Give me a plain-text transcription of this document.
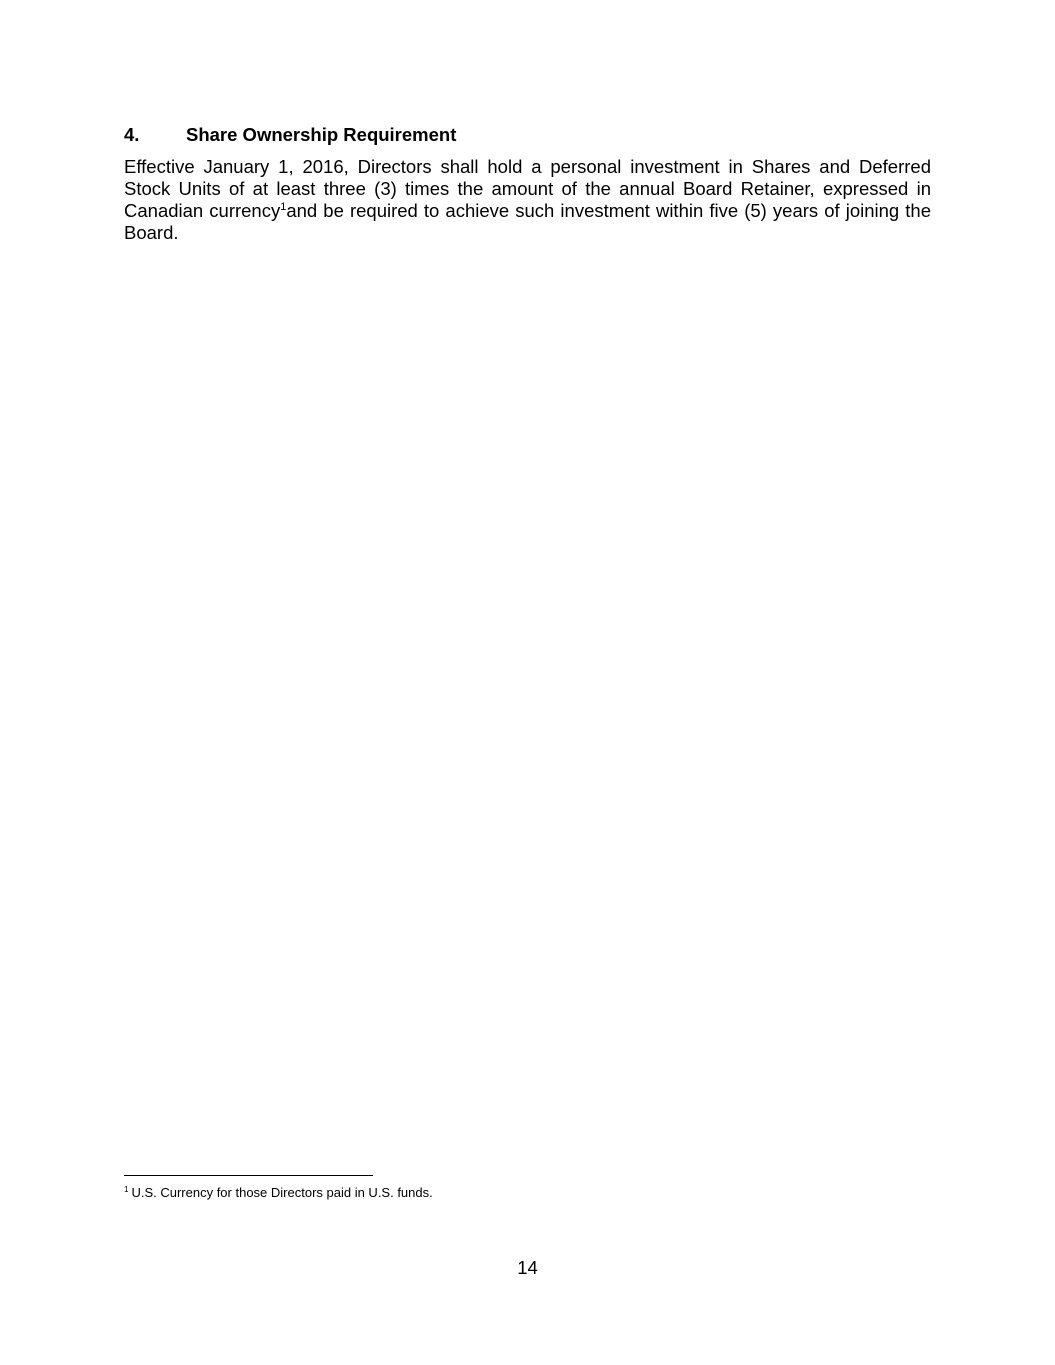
4.	Share Ownership Requirement

Effective January 1, 2016, Directors shall hold a personal investment in Shares and Deferred Stock Units of at least three (3) times the amount of the annual Board Retainer, expressed in Canadian currency$^1$and be required to achieve such investment within five (5) years of joining the Board.

$^1$ U.S. Currency for those Directors paid in U.S. funds.
14
